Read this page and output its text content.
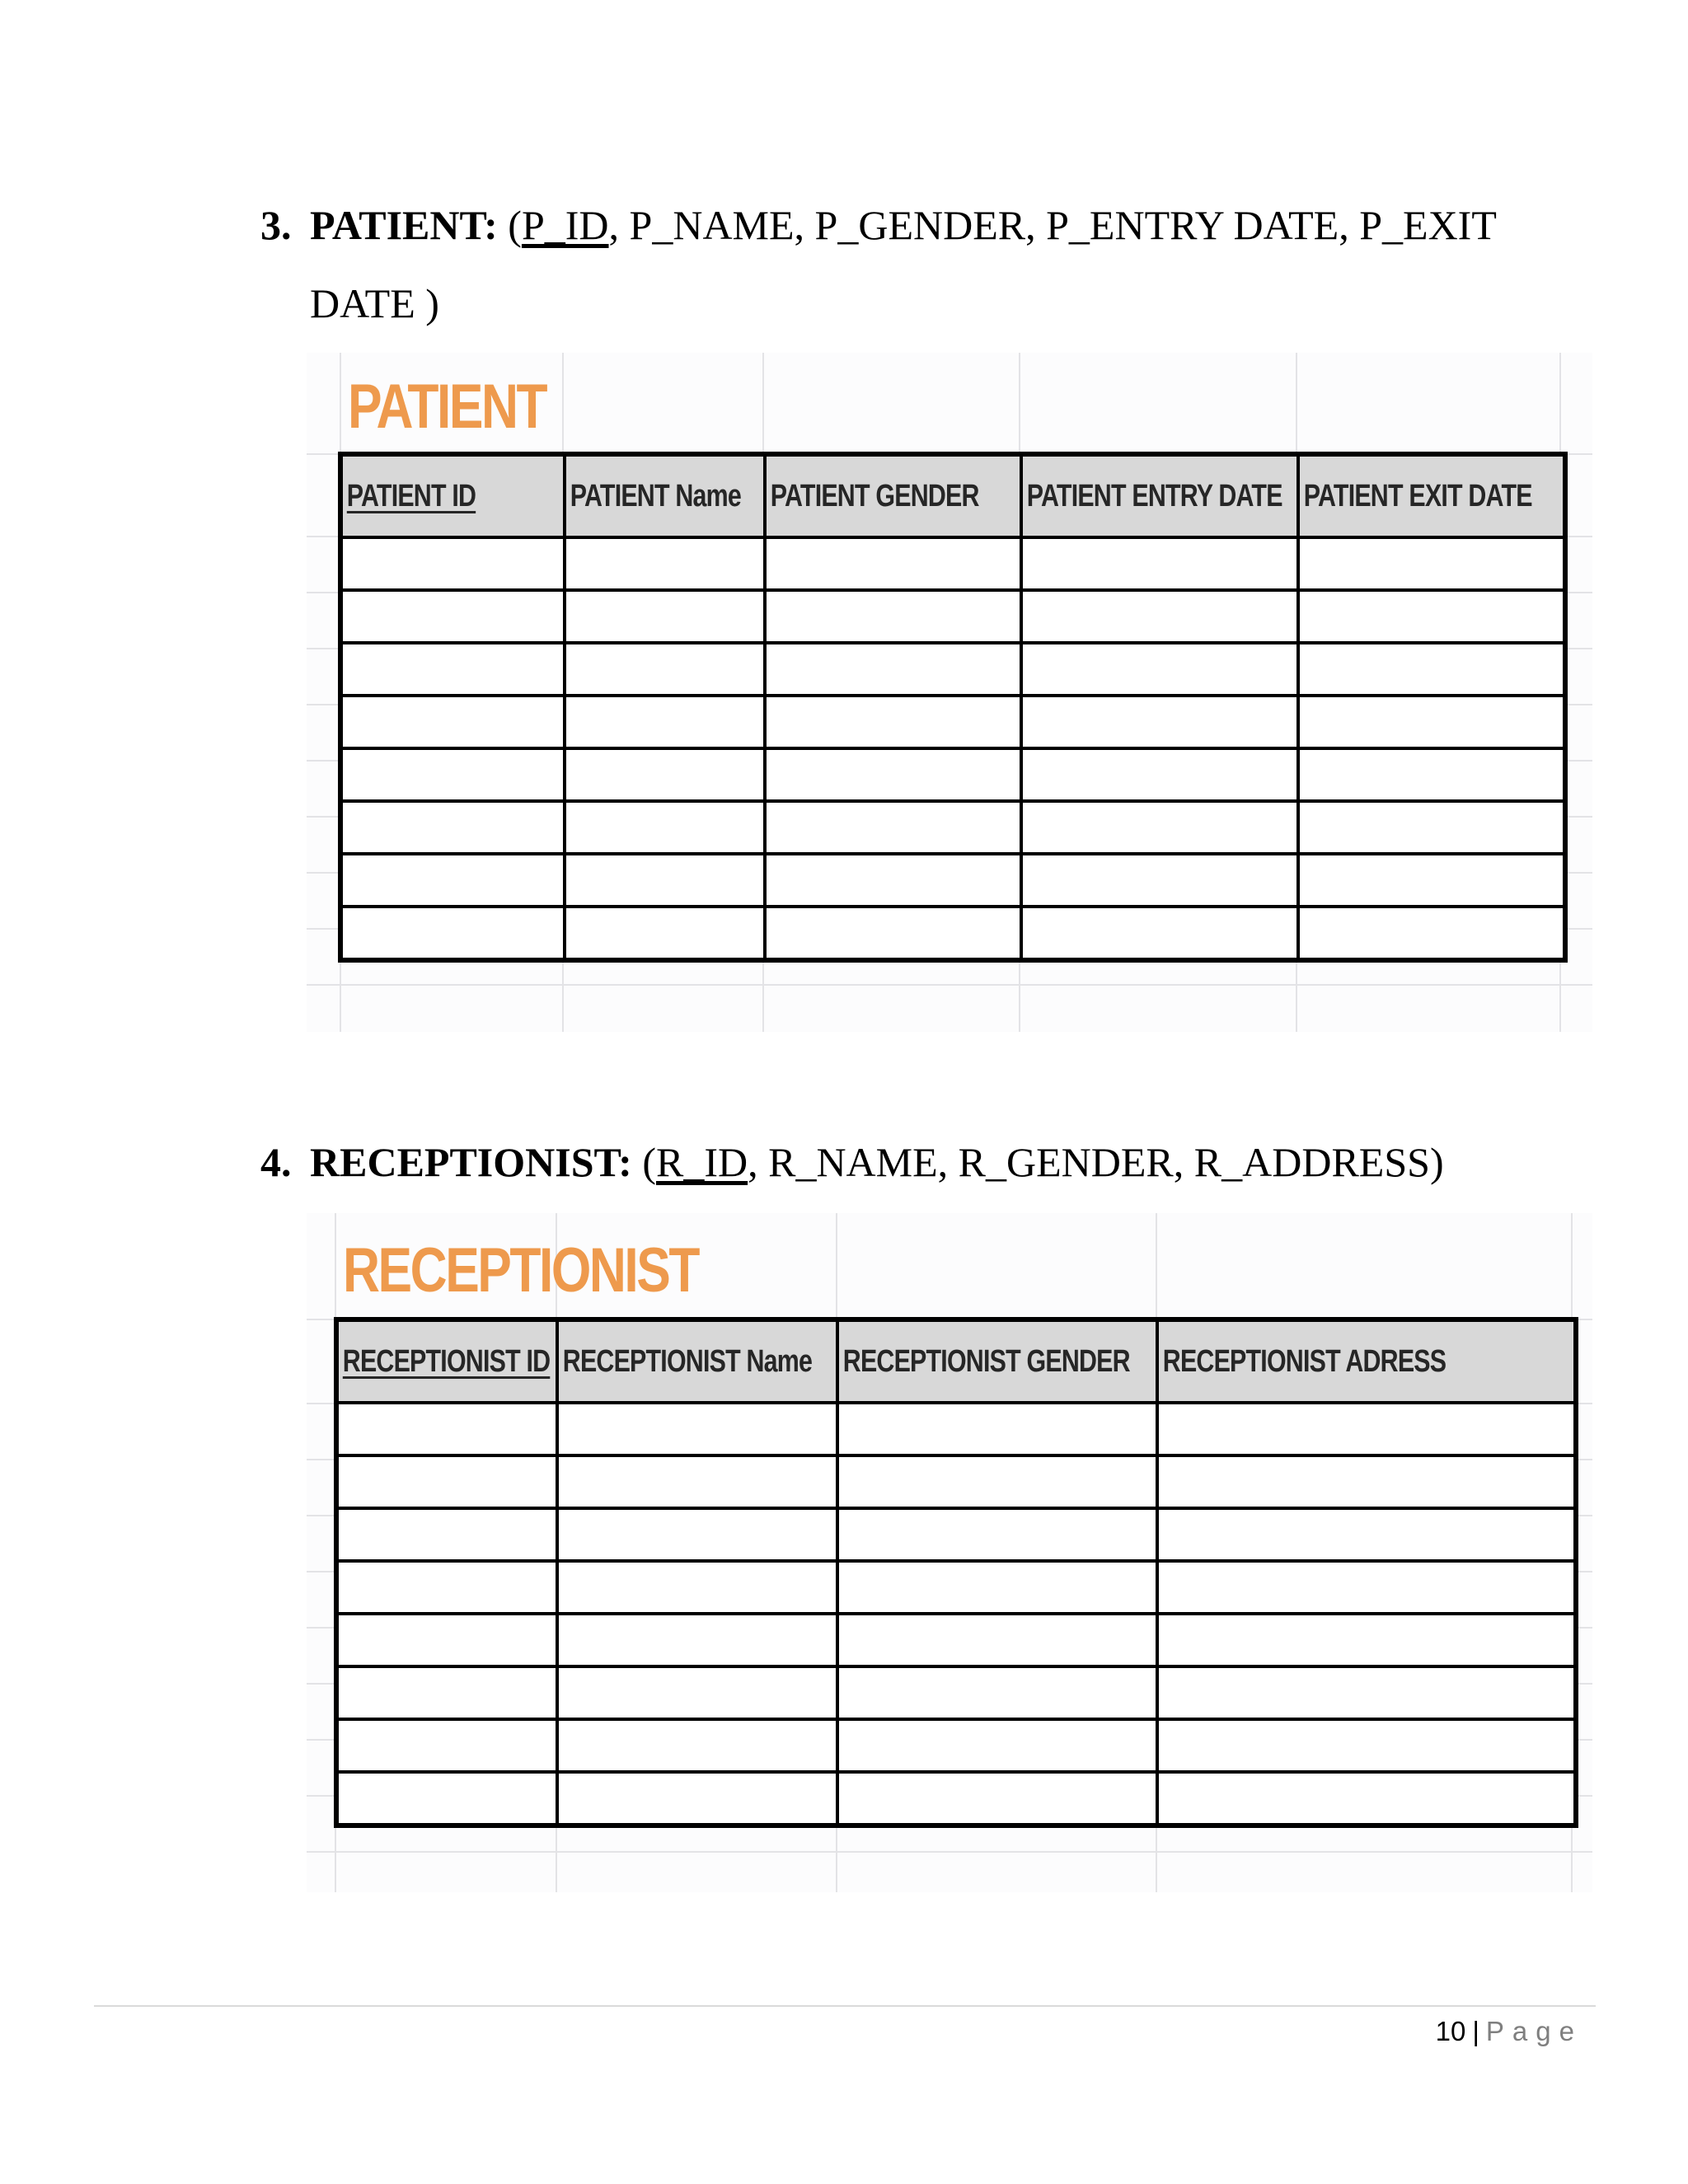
3. PATIENT: (P_ID, P_NAME, P_GENDER, P_ENTRY DATE, P_EXIT
DATE )

PATIENT
PATIENT ID	PATIENT Name	PATIENT GENDER	PATIENT ENTRY DATE	PATIENT EXIT DATE

4. RECEPTIONIST: (R_ID, R_NAME, R_GENDER, R_ADDRESS)

RECEPTIONIST
RECEPTIONIST ID	RECEPTIONIST Name	RECEPTIONIST GENDER	RECEPTIONIST ADRESS

10 | Page
